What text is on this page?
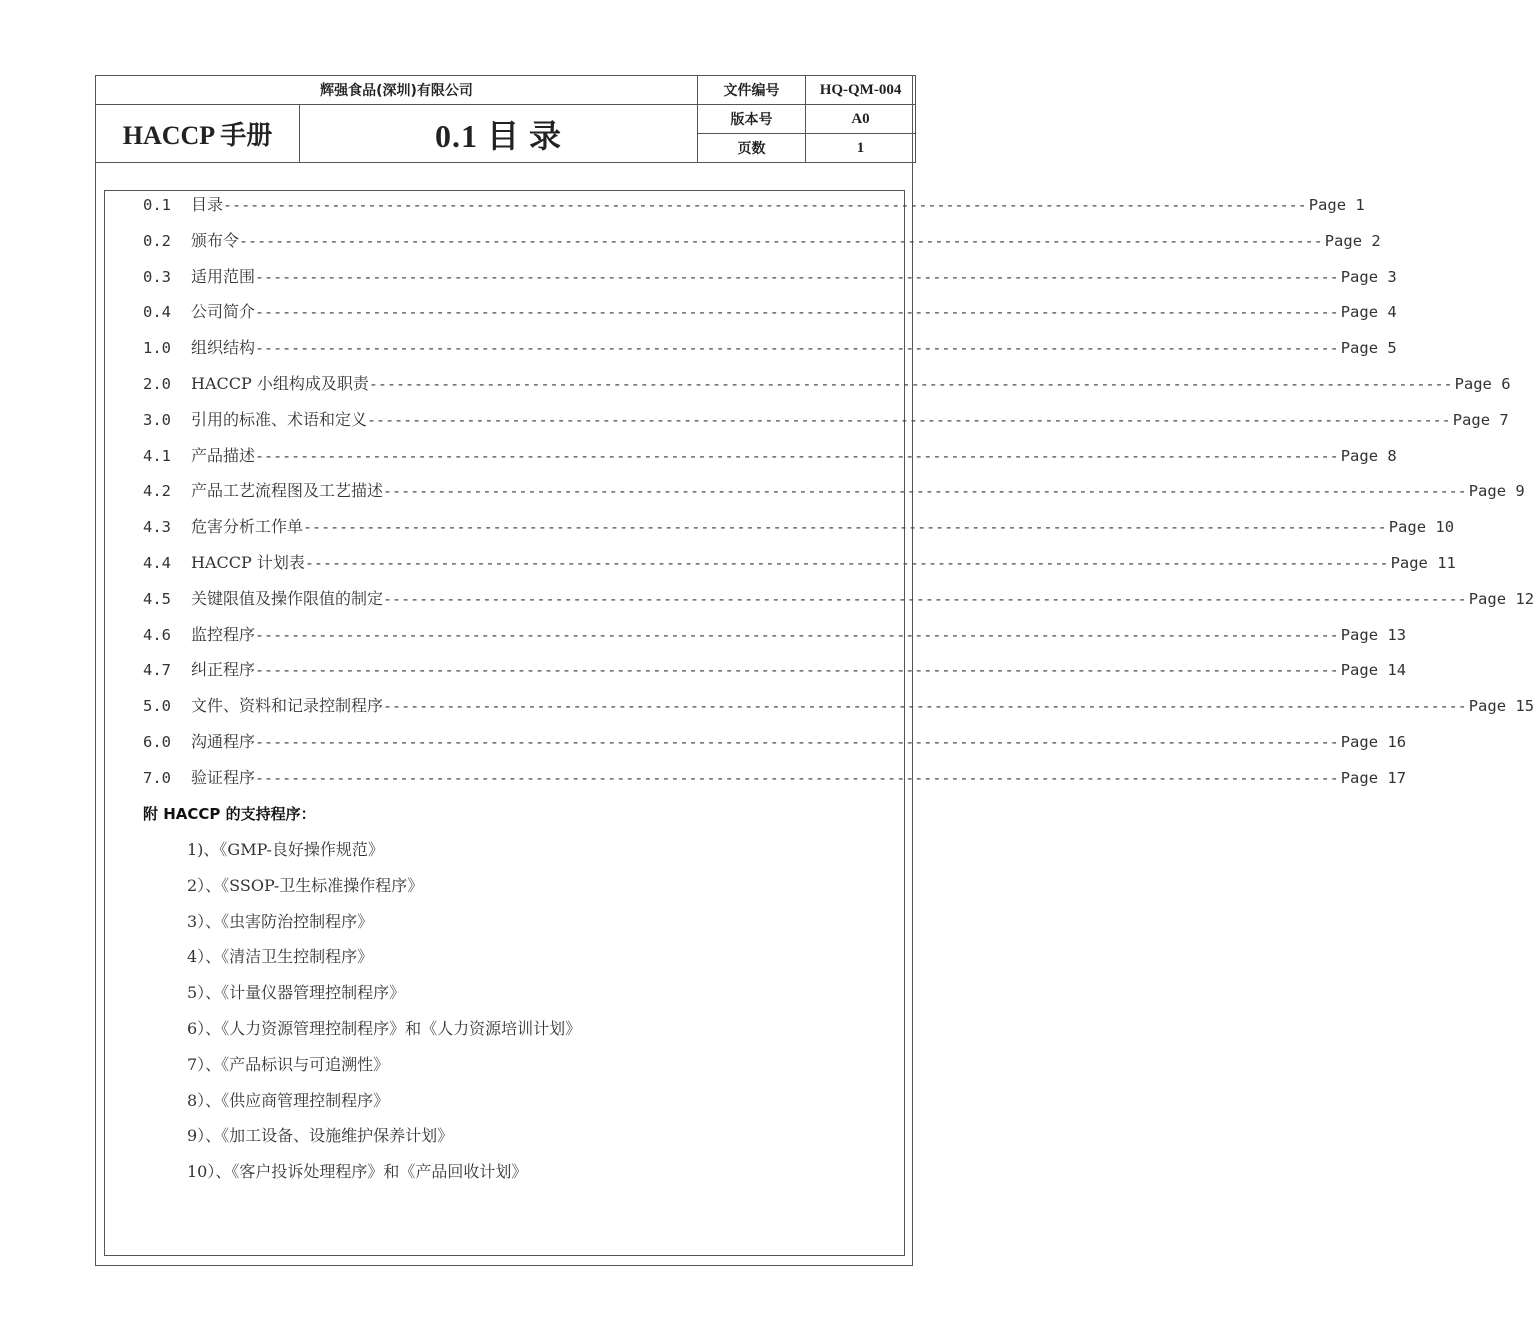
辉强食品(深圳)有限公司		文件编号	HQ-QM-004
HACCP 手册	0.1 目 录	版本号	A0
		页数	1
0.1	目录 ------------------------------------------------------------------------------------------------------------------------ Page 1
0.2	颁布令 ------------------------------------------------------------------------------------------------------------------------ Page 2
0.3	适用范围 ------------------------------------------------------------------------------------------------------------------------ Page 3
0.4	公司简介 ------------------------------------------------------------------------------------------------------------------------ Page 4
1.0	组织结构 ------------------------------------------------------------------------------------------------------------------------ Page 5
2.0	HACCP 小组构成及职责 ------------------------------------------------------------------------------------------------------------------------ Page 6
3.0	引用的标准、术语和定义 ------------------------------------------------------------------------------------------------------------------------ Page 7
4.1	产品描述 ------------------------------------------------------------------------------------------------------------------------ Page 8
4.2	产品工艺流程图及工艺描述 ------------------------------------------------------------------------------------------------------------------------ Page 9
4.3	危害分析工作单 ------------------------------------------------------------------------------------------------------------------------ Page 10
4.4	HACCP 计划表 ------------------------------------------------------------------------------------------------------------------------ Page 11
4.5	关键限值及操作限值的制定 ------------------------------------------------------------------------------------------------------------------------ Page 12
4.6	监控程序 ------------------------------------------------------------------------------------------------------------------------ Page 13
4.7	纠正程序 ------------------------------------------------------------------------------------------------------------------------ Page 14
5.0	文件、资料和记录控制程序 ------------------------------------------------------------------------------------------------------------------------ Page 15
6.0	沟通程序 ------------------------------------------------------------------------------------------------------------------------ Page 16
7.0	验证程序 ------------------------------------------------------------------------------------------------------------------------ Page 17
附 HACCP 的支持程序：
1)、《GMP-良好操作规范》
2）、《SSOP-卫生标准操作程序》
3）、《虫害防治控制程序》
4）、《清洁卫生控制程序》
5）、《计量仪器管理控制程序》
6）、《人力资源管理控制程序》和《人力资源培训计划》
7）、《产品标识与可追溯性》
8）、《供应商管理控制程序》
9）、《加工设备、设施维护保养计划》
10）、《客户投诉处理程序》和《产品回收计划》
